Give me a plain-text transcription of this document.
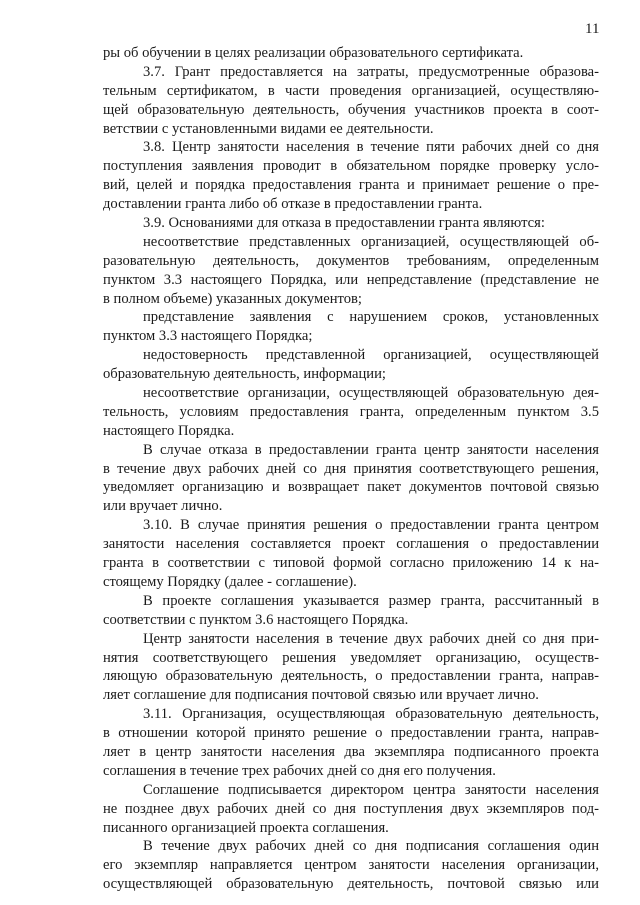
11
ры об обучении в целях реализации образовательного сертификата.
3.7. Грант предоставляется на затраты, предусмотренные образова-
тельным сертификатом, в части проведения организацией, осуществляю-
щей образовательную деятельность, обучения участников проекта в соот-
ветствии с установленными видами ее деятельности.
3.8. Центр занятости населения в течение пяти рабочих дней со дня
поступления заявления проводит в обязательном порядке проверку усло-
вий, целей и порядка предоставления гранта и принимает решение о пре-
доставлении гранта либо об отказе в предоставлении гранта.
3.9. Основаниями для отказа в предоставлении гранта являются:
несоответствие представленных организацией, осуществляющей об-
разовательную деятельность, документов требованиям, определенным
пунктом 3.3 настоящего Порядка, или непредставление (представление не
в полном объеме) указанных документов;
представление заявления с нарушением сроков, установленных
пунктом 3.3 настоящего Порядка;
недостоверность представленной организацией, осуществляющей
образовательную деятельность, информации;
несоответствие организации, осуществляющей образовательную дея-
тельность, условиям предоставления гранта, определенным пунктом 3.5
настоящего Порядка.
В случае отказа в предоставлении гранта центр занятости населения
в течение двух рабочих дней со дня принятия соответствующего решения,
уведомляет организацию и возвращает пакет документов почтовой связью
или вручает лично.
3.10. В случае принятия решения о предоставлении гранта центром
занятости населения составляется проект соглашения о предоставлении
гранта в соответствии с типовой формой согласно приложению 14 к на-
стоящему Порядку (далее - соглашение).
В проекте соглашения указывается размер гранта, рассчитанный в
соответствии с пунктом 3.6 настоящего Порядка.
Центр занятости населения в течение двух рабочих дней со дня при-
нятия соответствующего решения уведомляет организацию, осуществ-
ляющую образовательную деятельность, о предоставлении гранта, направ-
ляет соглашение для подписания почтовой связью или вручает лично.
3.11. Организация, осуществляющая образовательную деятельность,
в отношении которой принято решение о предоставлении гранта, направ-
ляет в центр занятости населения два экземпляра подписанного проекта
соглашения в течение трех рабочих дней со дня его получения.
Соглашение подписывается директором центра занятости населения
не позднее двух рабочих дней со дня поступления двух экземпляров под-
писанного организацией проекта соглашения.
В течение двух рабочих дней со дня подписания соглашения один
его экземпляр направляется центром занятости населения организации,
осуществляющей образовательную деятельность, почтовой связью или
